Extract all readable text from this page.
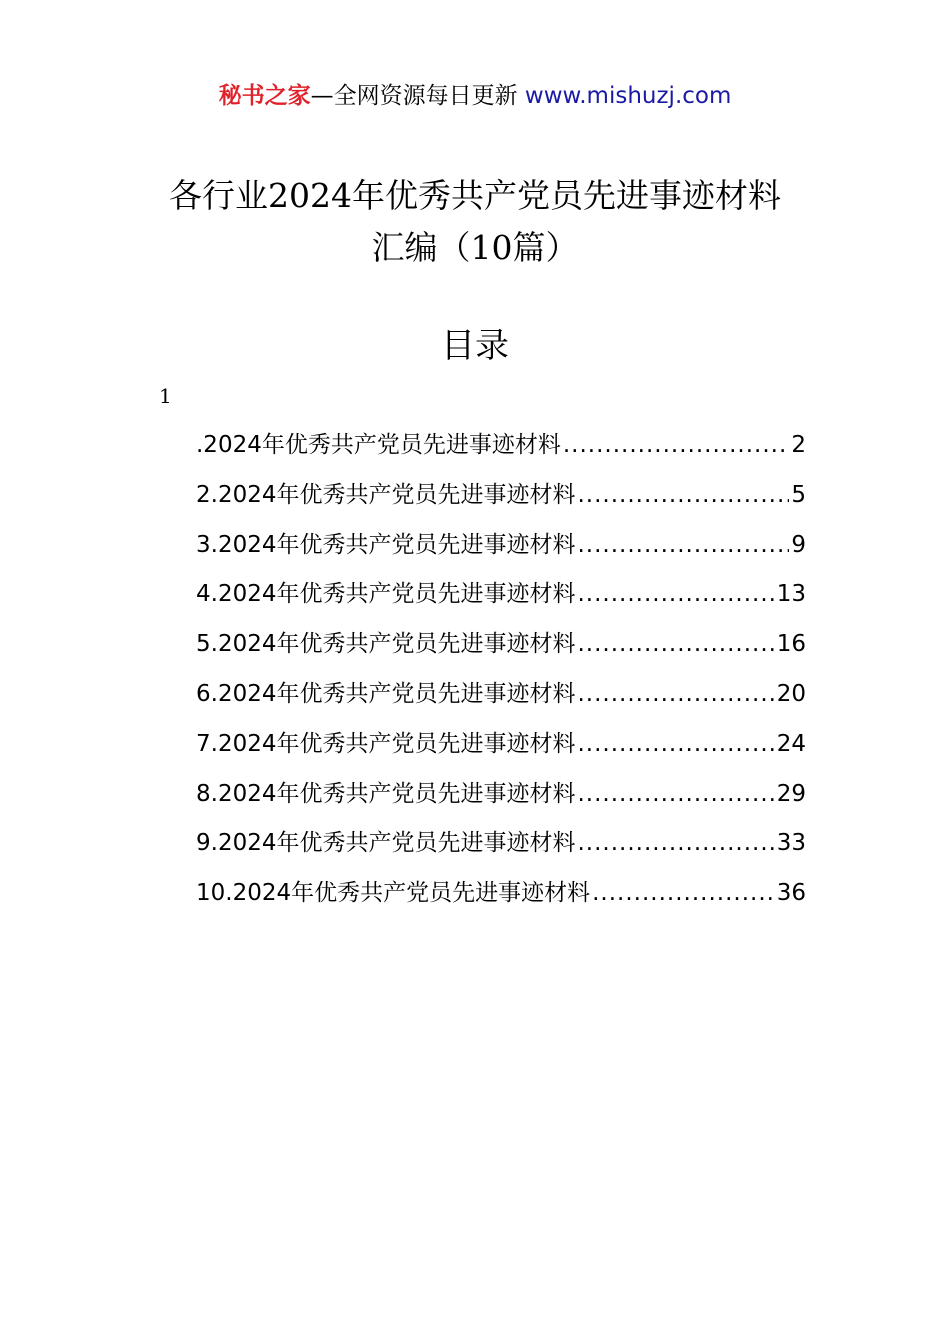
秘书之家—全网资源每日更新 www.mishuzj.com
各行业2024年优秀共产党员先进事迹材料
汇编（10篇）
目录
1
.2024年优秀共产党员先进事迹材料 .....	2
2.2024年优秀共产党员先进事迹材料 .....	5
3.2024年优秀共产党员先进事迹材料 .....	9
4.2024年优秀共产党员先进事迹材料 .....	13
5.2024年优秀共产党员先进事迹材料 .....	16
6.2024年优秀共产党员先进事迹材料 .....	20
7.2024年优秀共产党员先进事迹材料 .....	24
8.2024年优秀共产党员先进事迹材料 .....	29
9.2024年优秀共产党员先进事迹材料 .....	33
10.2024年优秀共产党员先进事迹材料 .....	36
